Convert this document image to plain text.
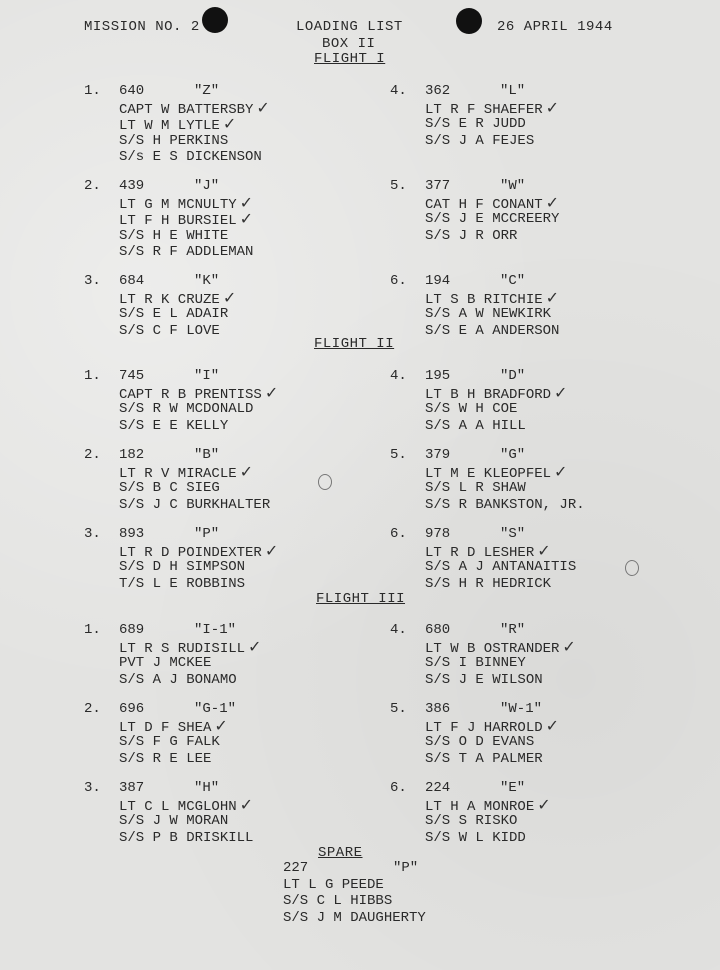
MISSION NO. 2	LOADING LIST	26 APRIL 1944
BOX II
FLIGHT I
FLIGHT II
FLIGHT III
1. 640	"Z"
CAPT W BATTERSBY ✓
LT W M LYTLE ✓
S/S H PERKINS
S/s E S DICKENSON
2. 439	"J"
LT G M MCNULTY ✓
LT F H BURSIEL ✓
S/S H E WHITE
S/S R F ADDLEMAN
3. 684	"K"
LT R K CRUZE ✓
S/S E L ADAIR
S/S C F LOVE
4. 362	"L"
LT R F SHAEFER ✓
S/S E R JUDD
S/S J A FEJES
5. 377	"W"
CAT H F CONANT ✓
S/S J E MCCREERY
S/S J R ORR
6. 194	"C"
LT S B RITCHIE ✓
S/S A W NEWKIRK
S/S E A ANDERSON
1. 745	"I"
CAPT R B PRENTISS ✓
S/S R W MCDONALD
S/S E E KELLY
2. 182	"B"
LT R V MIRACLE ✓
S/S B C SIEG
S/S J C BURKHALTER
3. 893	"P"
LT R D POINDEXTER ✓
S/S D H SIMPSON
T/S L E ROBBINS
4. 195	"D"
LT B H BRADFORD ✓
S/S W H COE
S/S A A HILL
5. 379	"G"
LT M E KLEOPFEL ✓
S/S L R SHAW
S/S R BANKSTON, JR.
6. 978	"S"
LT R D LESHER ✓
S/S A J ANTANAITIS
S/S H R HEDRICK
1. 689	"I-1"
LT R S RUDISILL ✓
PVT J MCKEE
S/S A J BONAMO
2. 696	"G-1"
LT D F SHEA ✓
S/S F G FALK
S/S R E LEE
3. 387	"H"
LT C L MCGLOHN ✓
S/S J W MORAN
S/S P B DRISKILL
4. 680	"R"
LT W B OSTRANDER ✓
S/S I BINNEY
S/S J E WILSON
5. 386	"W-1"
LT F J HARROLD ✓
S/S O D EVANS
S/S T A PALMER
6. 224	"E"
LT H A MONROE ✓
S/S S RISKO
S/S W L KIDD
SPARE
227	"P"
LT L G PEEDE
S/S C L HIBBS
S/S J M DAUGHERTY
